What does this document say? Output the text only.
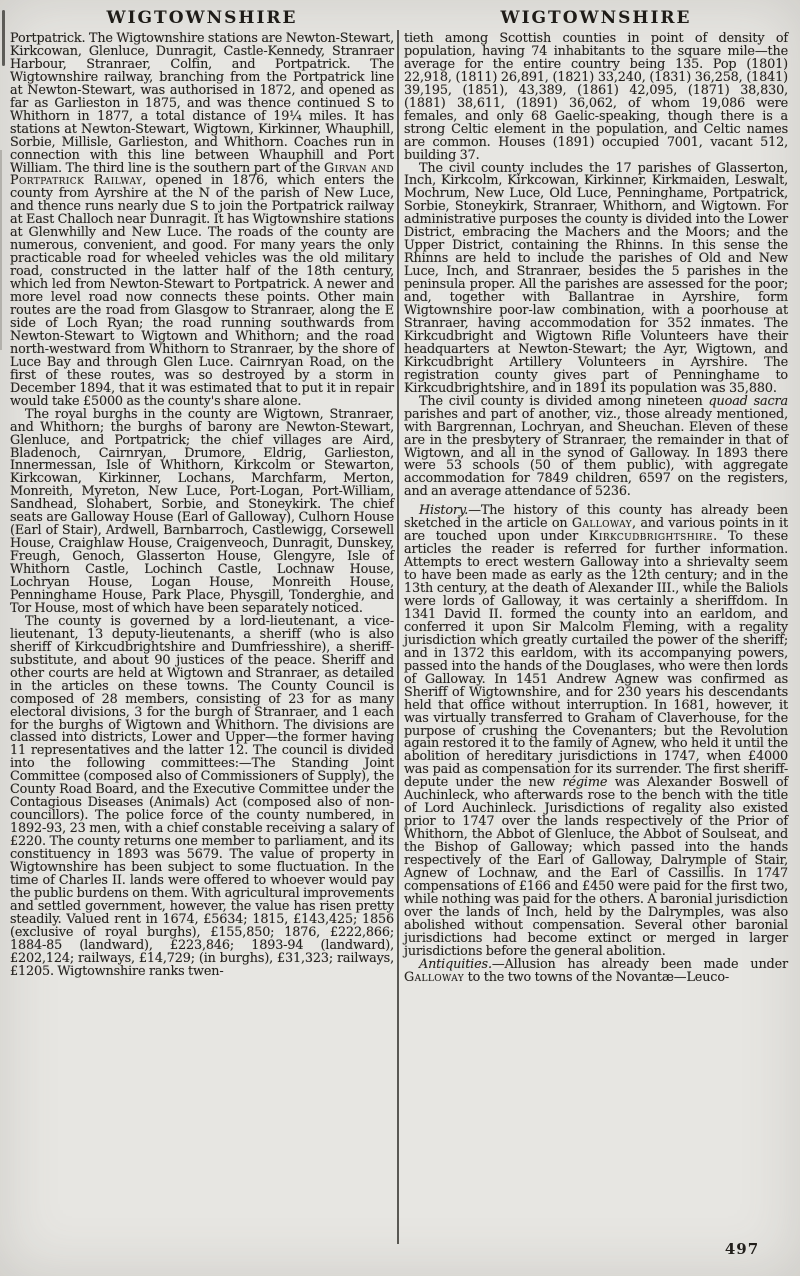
WIGTOWNSHIRE

Portpatrick. The Wigtownshire stations are Newton-Stewart, Kirkcowan, Glenluce, Dunragit, Castle-Kennedy, Stranraer Harbour, Stranraer, Colfin, and Portpatrick. The Wigtownshire railway, branching from the Portpatrick line at Newton-Stewart, was authorised in 1872, and opened as far as Garlieston in 1875, and was thence continued S to Whithorn in 1877, a total distance of 19¼ miles. It has stations at Newton-Stewart, Wigtown, Kirkinner, Whauphill, Sorbie, Millisle, Garlieston, and Whithorn. Coaches run in connection with this line between Whauphill and Port William. The third line is the southern part of the Girvan and Portpatrick Railway, opened in 1876, which enters the county from Ayrshire at the N of the parish of New Luce, and thence runs nearly due S to join the Portpatrick railway at East Challoch near Dunragit. It has Wigtownshire stations at Glenwhilly and New Luce. The roads of the county are numerous, convenient, and good. For many years the only practicable road for wheeled vehicles was the old military road, constructed in the latter half of the 18th century, which led from Newton-Stewart to Portpatrick. A newer and more level road now connects these points. Other main routes are the road from Glasgow to Stranraer, along the E side of Loch Ryan; the road running southwards from Newton-Stewart to Wigtown and Whithorn; and the road north-westward from Whithorn to Stranraer, by the shore of Luce Bay and through Glen Luce. Cairnryan Road, on the first of these routes, was so destroyed by a storm in December 1894, that it was estimated that to put it in repair would take £5000 as the county's share alone.

The royal burghs in the county are Wigtown, Stranraer, and Whithorn; the burghs of barony are Newton-Stewart, Glenluce, and Portpatrick; the chief villages are Aird, Bladenoch, Cairnryan, Drumore, Eldrig, Garlieston, Innermessan, Isle of Whithorn, Kirkcolm or Stewarton, Kirkcowan, Kirkinner, Lochans, Marchfarm, Merton, Monreith, Myreton, New Luce, Port-Logan, Port-William, Sandhead, Slohabert, Sorbie, and Stoneykirk. The chief seats are Galloway House (Earl of Galloway), Culhorn House (Earl of Stair), Ardwell, Barnbarroch, Castlewigg, Corsewell House, Craighlaw House, Craigenveoch, Dunragit, Dunskey, Freugh, Genoch, Glasserton House, Glengyre, Isle of Whithorn Castle, Lochinch Castle, Lochnaw House, Lochryan House, Logan House, Monreith House, Penninghame House, Park Place, Physgill, Tonderghie, and Tor House, most of which have been separately noticed.

The county is governed by a lord-lieutenant, a vice-lieutenant, 13 deputy-lieutenants, a sheriff (who is also sheriff of Kirkcudbrightshire and Dumfriesshire), a sheriff-substitute, and about 90 justices of the peace. Sheriff and other courts are held at Wigtown and Stranraer, as detailed in the articles on these towns. The County Council is composed of 28 members, consisting of 23 for as many electoral divisions, 3 for the burgh of Stranraer, and 1 each for the burghs of Wigtown and Whithorn. The divisions are classed into districts, Lower and Upper—the former having 11 representatives and the latter 12. The council is divided into the following committees:—The Standing Joint Committee (composed also of Commissioners of Supply), the County Road Board, and the Executive Committee under the Contagious Diseases (Animals) Act (composed also of non-councillors). The police force of the county numbered, in 1892-93, 23 men, with a chief constable receiving a salary of £220. The county returns one member to parliament, and its constituency in 1893 was 5679. The value of property in Wigtownshire has been subject to some fluctuation. In the time of Charles II. lands were offered to whoever would pay the public burdens on them. With agricultural improvements and settled government, however, the value has risen pretty steadily. Valued rent in 1674, £5634; 1815, £143,425; 1856 (exclusive of royal burghs), £155,850; 1876, £222,866; 1884-85 (landward), £223,846; 1893-94 (landward), £202,124; railways, £14,729; (in burghs), £31,323; railways, £1205. Wigtownshire ranks twen-

WIGTOWNSHIRE

tieth among Scottish counties in point of density of population, having 74 inhabitants to the square mile—the average for the entire country being 135. Pop (1801) 22,918, (1811) 26,891, (1821) 33,240, (1831) 36,258, (1841) 39,195, (1851), 43,389, (1861) 42,095, (1871) 38,830, (1881) 38,611, (1891) 36,062, of whom 19,086 were females, and only 68 Gaelic-speaking, though there is a strong Celtic element in the population, and Celtic names are common. Houses (1891) occupied 7001, vacant 512, building 37.

The civil county includes the 17 parishes of Glasserton, Inch, Kirkcolm, Kirkcowan, Kirkinner, Kirkmaiden, Leswalt, Mochrum, New Luce, Old Luce, Penninghame, Portpatrick, Sorbie, Stoneykirk, Stranraer, Whithorn, and Wigtown. For administrative purposes the county is divided into the Lower District, embracing the Machers and the Moors; and the Upper District, containing the Rhinns. In this sense the Rhinns are held to include the parishes of Old and New Luce, Inch, and Stranraer, besides the 5 parishes in the peninsula proper. All the parishes are assessed for the poor; and, together with Ballantrae in Ayrshire, form Wigtownshire poor-law combination, with a poorhouse at Stranraer, having accommodation for 352 inmates. The Kirkcudbright and Wigtown Rifle Volunteers have their headquarters at Newton-Stewart; the Ayr, Wigtown, and Kirkcudbright Artillery Volunteers in Ayrshire. The registration county gives part of Penninghame to Kirkcudbrightshire, and in 1891 its population was 35,880.

The civil county is divided among nineteen quoad sacra parishes and part of another, viz., those already mentioned, with Bargrennan, Lochryan, and Sheuchan. Eleven of these are in the presbytery of Stranraer, the remainder in that of Wigtown, and all in the synod of Galloway. In 1893 there were 53 schools (50 of them public), with aggregate accommodation for 7849 children, 6597 on the registers, and an average attendance of 5236.

History.—The history of this county has already been sketched in the article on Galloway, and various points in it are touched upon under Kirkcudbrightshire. To these articles the reader is referred for further information. Attempts to erect western Galloway into a shrievalty seem to have been made as early as the 12th century; and in the 13th century, at the death of Alexander III., while the Baliols were lords of Galloway, it was certainly a sheriffdom. In 1341 David II. formed the county into an earldom, and conferred it upon Sir Malcolm Fleming, with a regality jurisdiction which greatly curtailed the power of the sheriff; and in 1372 this earldom, with its accompanying powers, passed into the hands of the Douglases, who were then lords of Galloway. In 1451 Andrew Agnew was confirmed as Sheriff of Wigtownshire, and for 230 years his descendants held that office without interruption. In 1681, however, it was virtually transferred to Graham of Claverhouse, for the purpose of crushing the Covenanters; but the Revolution again restored it to the family of Agnew, who held it until the abolition of hereditary jurisdictions in 1747, when £4000 was paid as compensation for its surrender. The first sheriff-depute under the new régime was Alexander Boswell of Auchinleck, who afterwards rose to the bench with the title of Lord Auchinleck. Jurisdictions of regality also existed prior to 1747 over the lands respectively of the Prior of Whithorn, the Abbot of Glenluce, the Abbot of Soulseat, and the Bishop of Galloway; which passed into the hands respectively of the Earl of Galloway, Dalrymple of Stair, Agnew of Lochnaw, and the Earl of Cassillis. In 1747 compensations of £166 and £450 were paid for the first two, while nothing was paid for the others. A baronial jurisdiction over the lands of Inch, held by the Dalrymples, was also abolished without compensation. Several other baronial jurisdictions had become extinct or merged in larger jurisdictions before the general abolition.

Antiquities.—Allusion has already been made under Galloway to the two towns of the Novantæ—Leuco-

497
